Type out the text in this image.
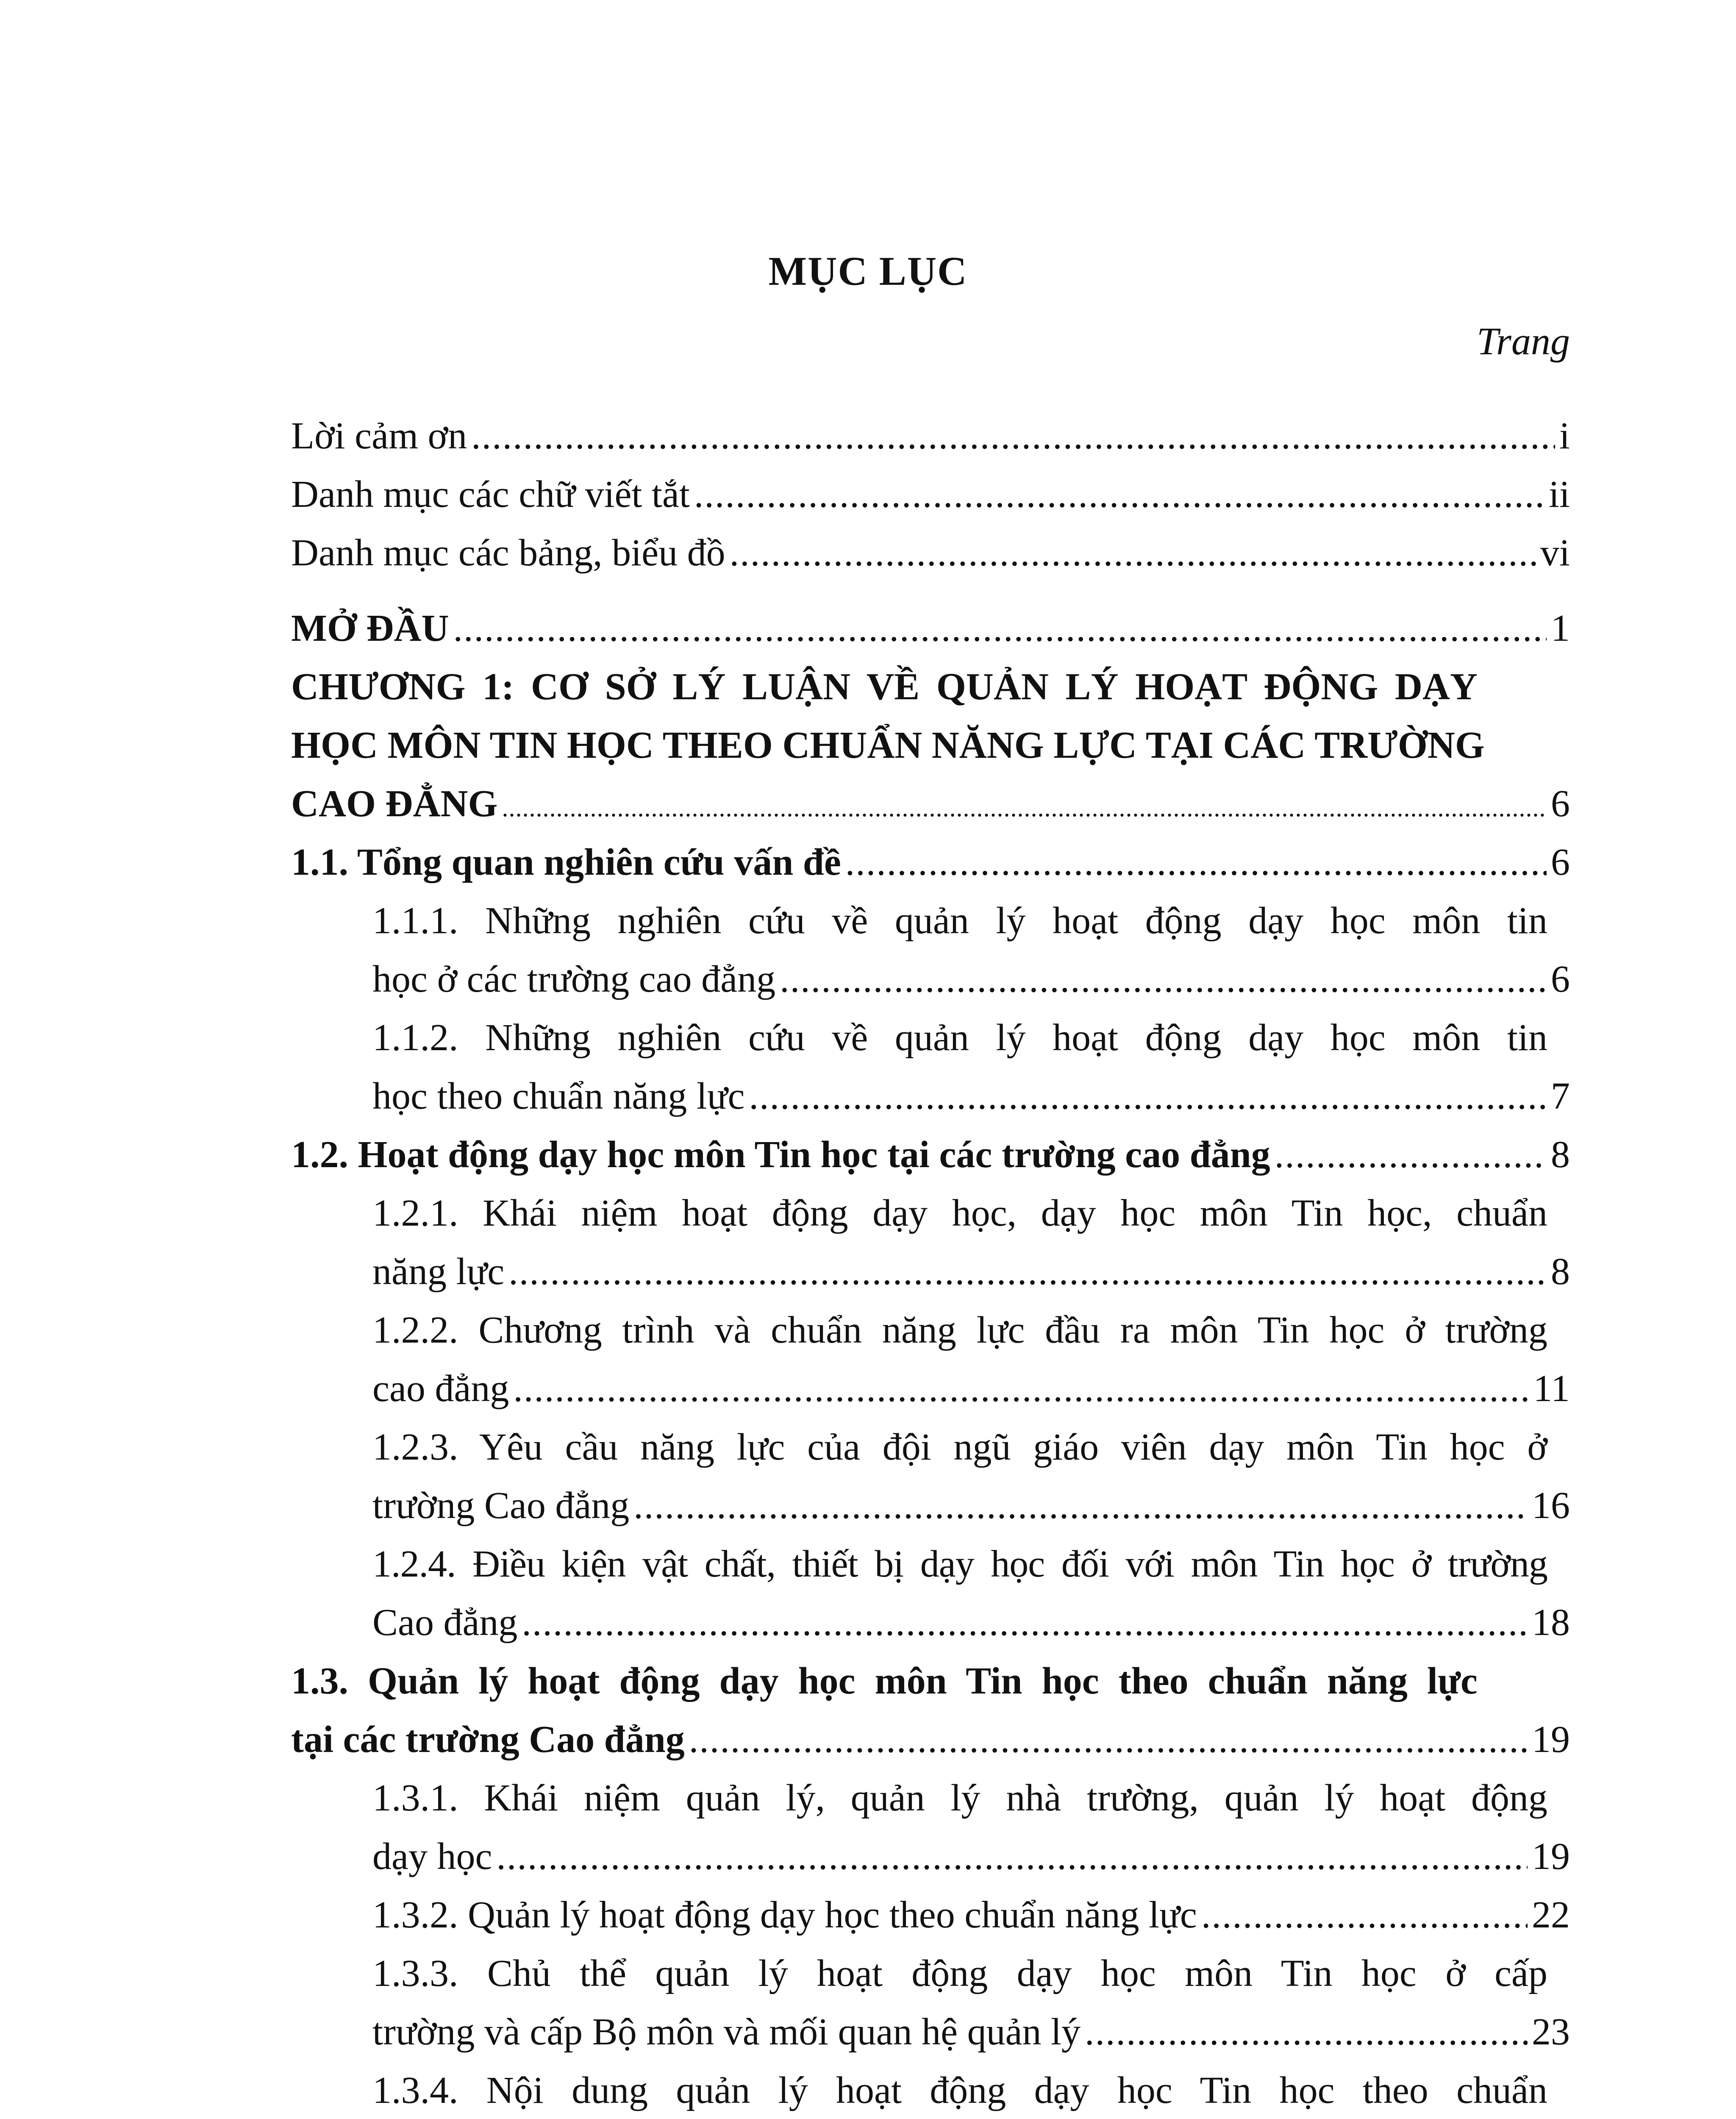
MỤC LỤC
Trang
Lời cảm ơn .....	i
Danh mục các chữ viết tắt .....	ii
Danh mục các bảng, biểu đồ .....	vi
MỞ ĐẦU .....	1
CHƯƠNG 1: CƠ SỞ LÝ LUẬN VỀ QUẢN LÝ HOẠT ĐỘNG DẠY
HỌC MÔN TIN HỌC THEO CHUẨN NĂNG LỰC TẠI CÁC TRƯỜNG
CAO ĐẲNG .....	6
1.1. Tổng quan nghiên cứu vấn đề .....	6
1.1.1. Những nghiên cứu về quản lý hoạt động dạy học môn tin
học ở các trường cao đẳng .....	6
1.1.2. Những nghiên cứu về quản lý hoạt động dạy học môn tin
học theo chuẩn năng lực .....	7
1.2. Hoạt động dạy học môn Tin học tại các trường cao đẳng .....	8
1.2.1. Khái niệm hoạt động dạy học, dạy học môn Tin học, chuẩn
năng lực .....	8
1.2.2. Chương trình và chuẩn năng lực đầu ra môn Tin học ở trường
cao đẳng .....	11
1.2.3. Yêu cầu năng lực của đội ngũ giáo viên dạy môn Tin học ở
trường Cao đẳng .....	16
1.2.4. Điều kiện vật chất, thiết bị dạy học đối với môn Tin học ở trường
Cao đẳng .....	18
1.3. Quản lý hoạt động dạy học môn Tin học theo chuẩn năng lực
tại các trường Cao đẳng .....	19
1.3.1. Khái niệm quản lý, quản lý nhà trường, quản lý hoạt động
dạy học .....	19
1.3.2. Quản lý hoạt động dạy học theo chuẩn năng lực .....	22
1.3.3. Chủ thể quản lý hoạt động dạy học môn Tin học ở cấp
trường và cấp Bộ môn và mối quan hệ quản lý .....	23
1.3.4. Nội dung quản lý hoạt động dạy học Tin học theo chuẩn
